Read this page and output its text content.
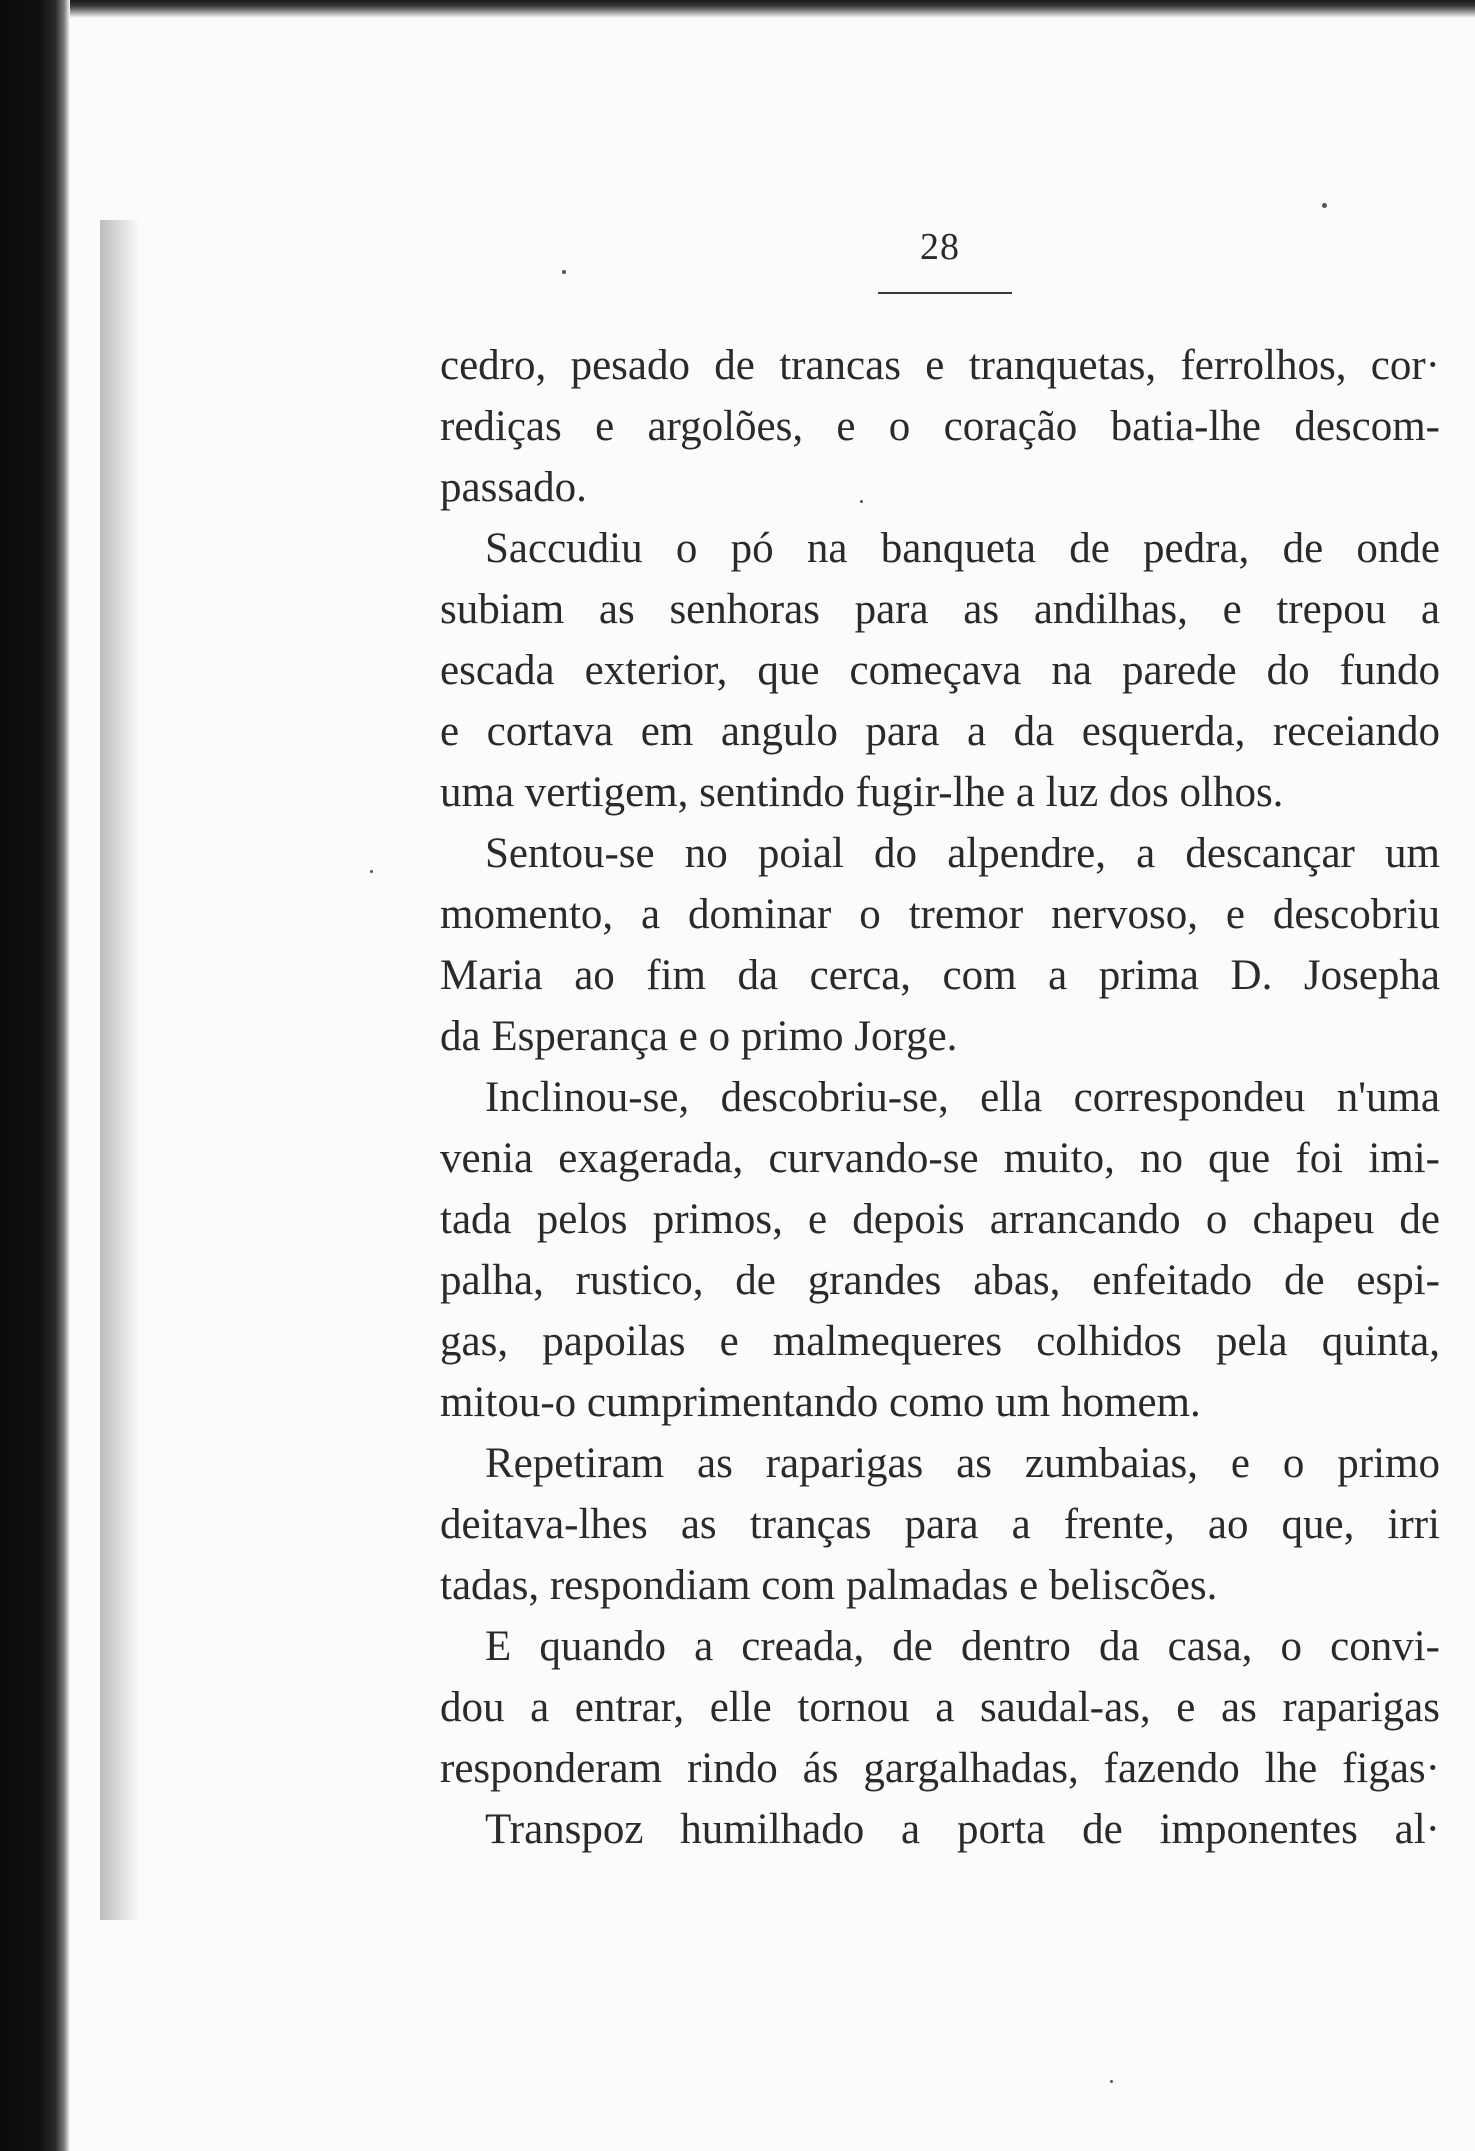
28
cedro, pesado de trancas e tranquetas, ferrolhos, cor·
rediças e argolões, e o coração batia-lhe descom-
passado.
Saccudiu o pó na banqueta de pedra, de onde
subiam as senhoras para as andilhas, e trepou a
escada exterior, que começava na parede do fundo
e cortava em angulo para a da esquerda, receiando
uma vertigem, sentindo fugir-lhe a luz dos olhos.
Sentou-se no poial do alpendre, a descançar um
momento, a dominar o tremor nervoso, e descobriu
Maria ao fim da cerca, com a prima D. Josepha
da Esperança e o primo Jorge.
Inclinou-se, descobriu-se, ella correspondeu n'uma
venia exagerada, curvando-se muito, no que foi imi-
tada pelos primos, e depois arrancando o chapeu de
palha, rustico, de grandes abas, enfeitado de espi-
gas, papoilas e malmequeres colhidos pela quinta,
mitou-o cumprimentando como um homem.
Repetiram as raparigas as zumbaias, e o primo
deitava-lhes as tranças para a frente, ao que, irri
tadas, respondiam com palmadas e beliscões.
E quando a creada, de dentro da casa, o convi-
dou a entrar, elle tornou a saudal-as, e as raparigas
responderam rindo ás gargalhadas, fazendo lhe figas·
Transpoz humilhado a porta de imponentes al·
